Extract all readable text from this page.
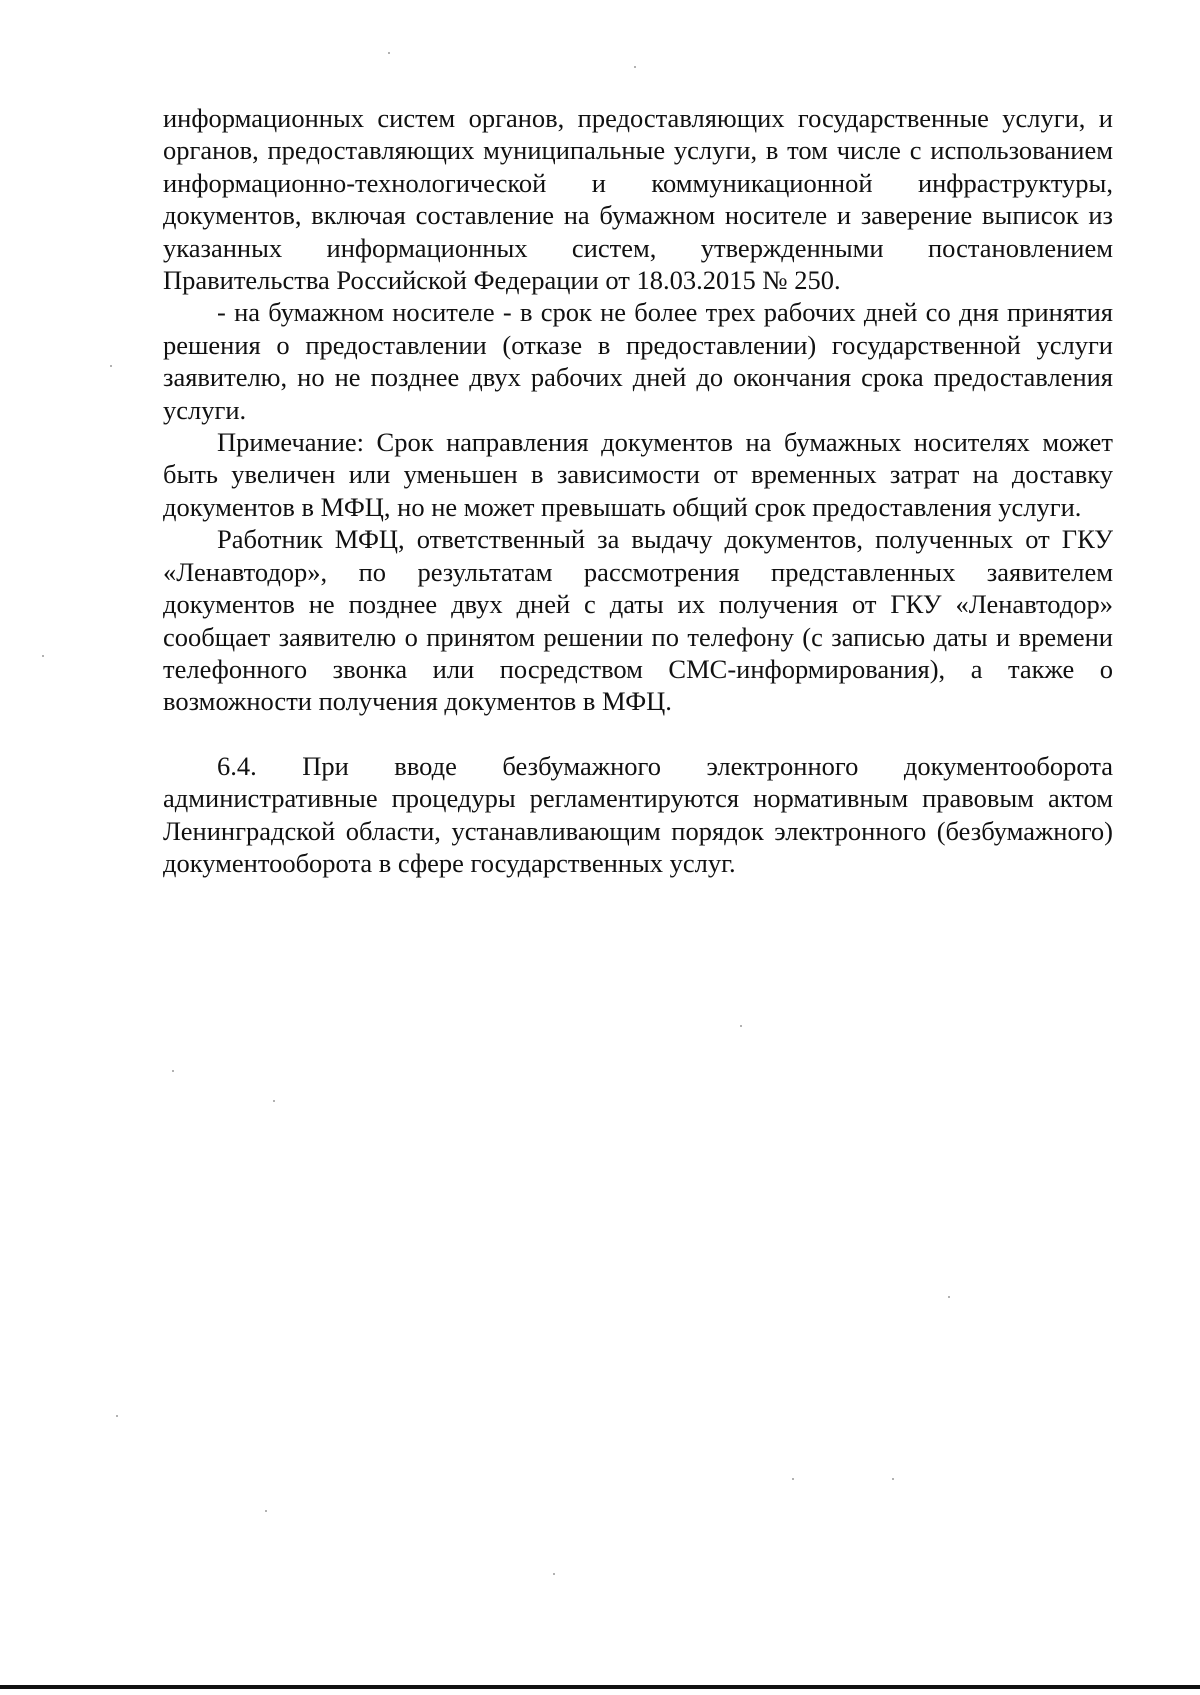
информационных систем органов, предоставляющих государственные услуги, и органов, предоставляющих муниципальные услуги, в том числе с использованием информационно-технологической и коммуникационной инфраструктуры, документов, включая составление на бумажном носителе и заверение выписок из указанных информационных систем, утвержденными постановлением Правительства Российской Федерации от 18.03.2015 № 250.

- на бумажном носителе - в срок не более трех рабочих дней со дня принятия решения о предоставлении (отказе в предоставлении) государственной услуги заявителю, но не позднее двух рабочих дней до окончания срока предоставления услуги.

Примечание: Срок направления документов на бумажных носителях может быть увеличен или уменьшен в зависимости от временных затрат на доставку документов в МФЦ, но не может превышать общий срок предоставления услуги.

Работник МФЦ, ответственный за выдачу документов, полученных от ГКУ «Ленавтодор», по результатам рассмотрения представленных заявителем документов не позднее двух дней с даты их получения от ГКУ «Ленавтодор» сообщает заявителю о принятом решении по телефону (с записью даты и времени телефонного звонка или посредством СМС-информирования), а также о возможности получения документов в МФЦ.

6.4. При вводе безбумажного электронного документооборота административные процедуры регламентируются нормативным правовым актом Ленинградской области, устанавливающим порядок электронного (безбумажного) документооборота в сфере государственных услуг.
